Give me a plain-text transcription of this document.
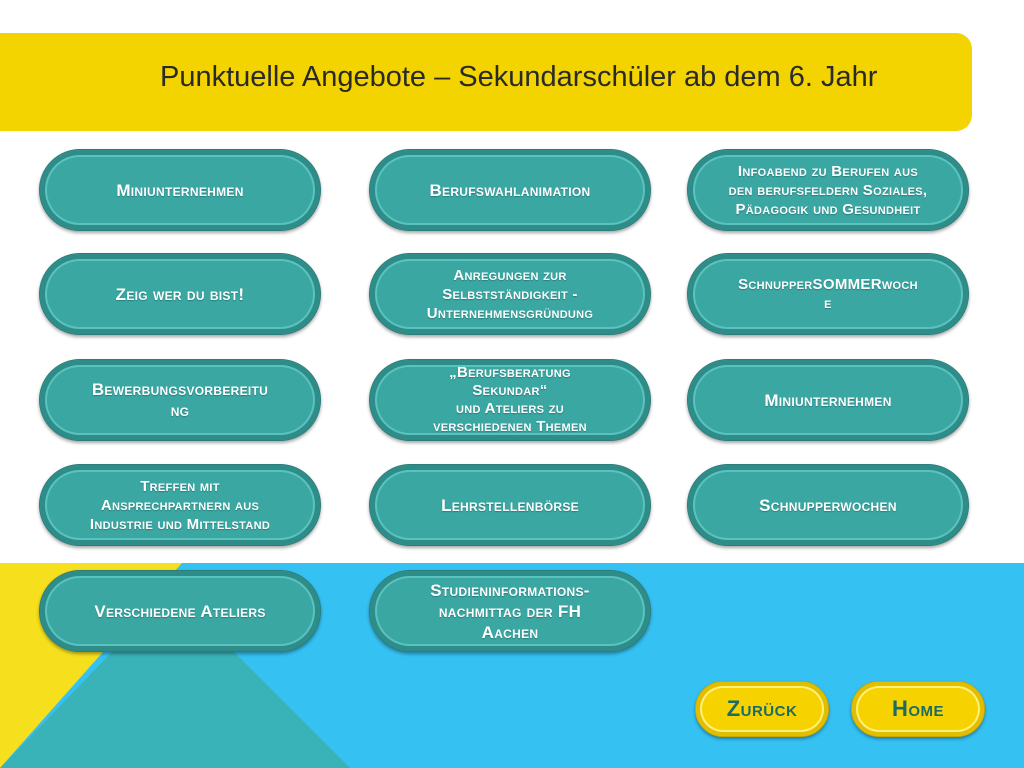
Punktuelle Angebote – Sekundarschüler ab dem 6. Jahr
Miniunternehmen
Zeig wer du bist!
Bewerbungsvorbereitu
ng
Treffen mit
Ansprechpartnern aus
Industrie und Mittelstand
Verschiedene Ateliers
Berufswahlanimation
Anregungen zur
Selbstständigkeit -
Unternehmensgründung
„Berufsberatung
Sekundar“
und Ateliers zu
verschiedenen Themen
Lehrstellenbörse
Studieninformations-
nachmittag der FH
Aachen
Infoabend zu Berufen aus
den berufsfeldern Soziales,
Pädagogik und Gesundheit
SchnupperSOMMERwoch
e
Miniunternehmen
Schnupperwochen
Zurück	Home
